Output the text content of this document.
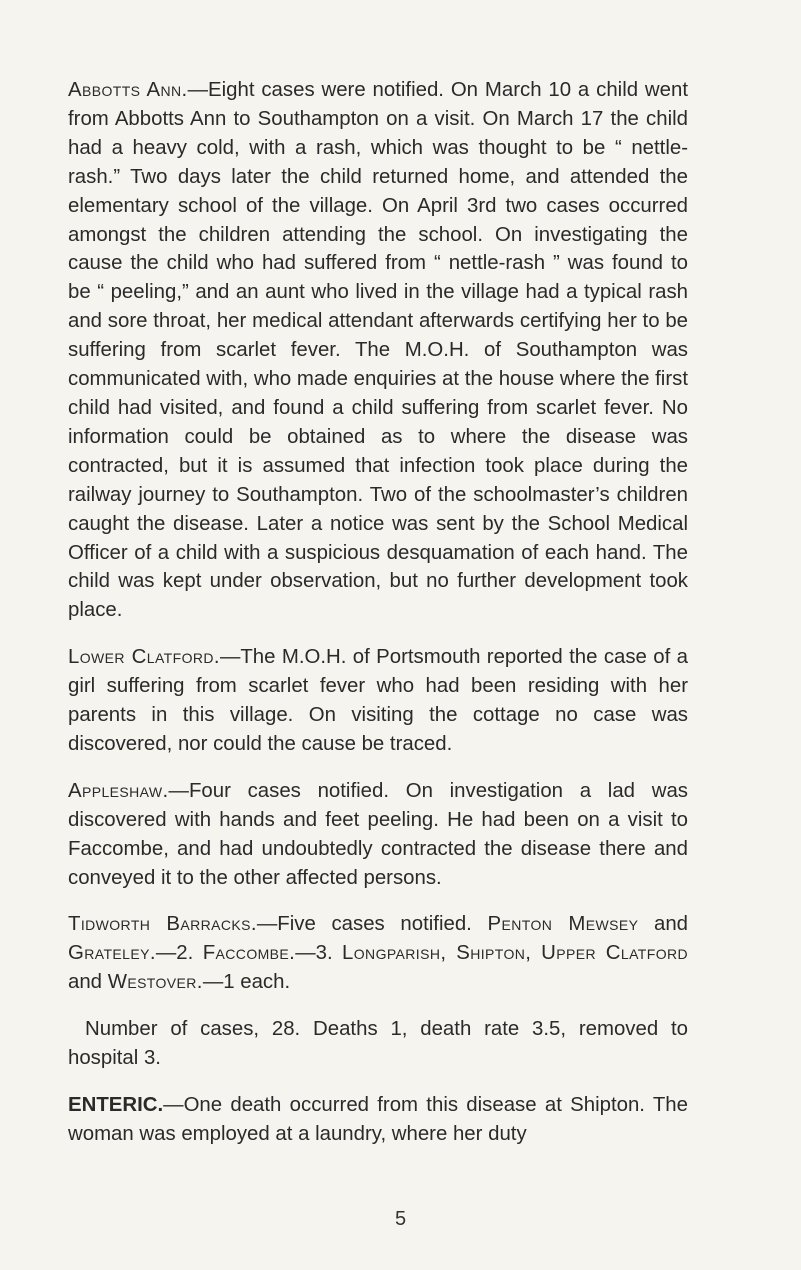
Abbotts Ann.—Eight cases were notified. On March 10 a child went from Abbotts Ann to Southampton on a visit. On March 17 the child had a heavy cold, with a rash, which was thought to be “ nettle-rash.” Two days later the child returned home, and attended the elementary school of the village. On April 3rd two cases occurred amongst the children attending the school. On investigating the cause the child who had suffered from “ nettle-rash ” was found to be “ peeling,” and an aunt who lived in the village had a typical rash and sore throat, her medical attendant afterwards certifying her to be suffering from scarlet fever. The M.O.H. of Southampton was communicated with, who made enquiries at the house where the first child had visited, and found a child suffering from scarlet fever. No information could be obtained as to where the disease was contracted, but it is assumed that infection took place during the railway journey to Southampton. Two of the schoolmaster’s children caught the disease. Later a notice was sent by the School Medical Officer of a child with a suspicious desquamation of each hand. The child was kept under observation, but no further development took place.

Lower Clatford.—The M.O.H. of Portsmouth reported the case of a girl suffering from scarlet fever who had been residing with her parents in this village. On visiting the cottage no case was discovered, nor could the cause be traced.

Appleshaw.—Four cases notified. On investigation a lad was discovered with hands and feet peeling. He had been on a visit to Faccombe, and had undoubtedly contracted the disease there and conveyed it to the other affected persons.

Tidworth Barracks.—Five cases notified. Penton Mewsey and Grateley.—2. Faccombe.—3. Longparish, Shipton, Upper Clatford and Westover.—1 each.

Number of cases, 28. Deaths 1, death rate 3.5, removed to hospital 3.

ENTERIC.—One death occurred from this disease at Shipton. The woman was employed at a laundry, where her duty

5
